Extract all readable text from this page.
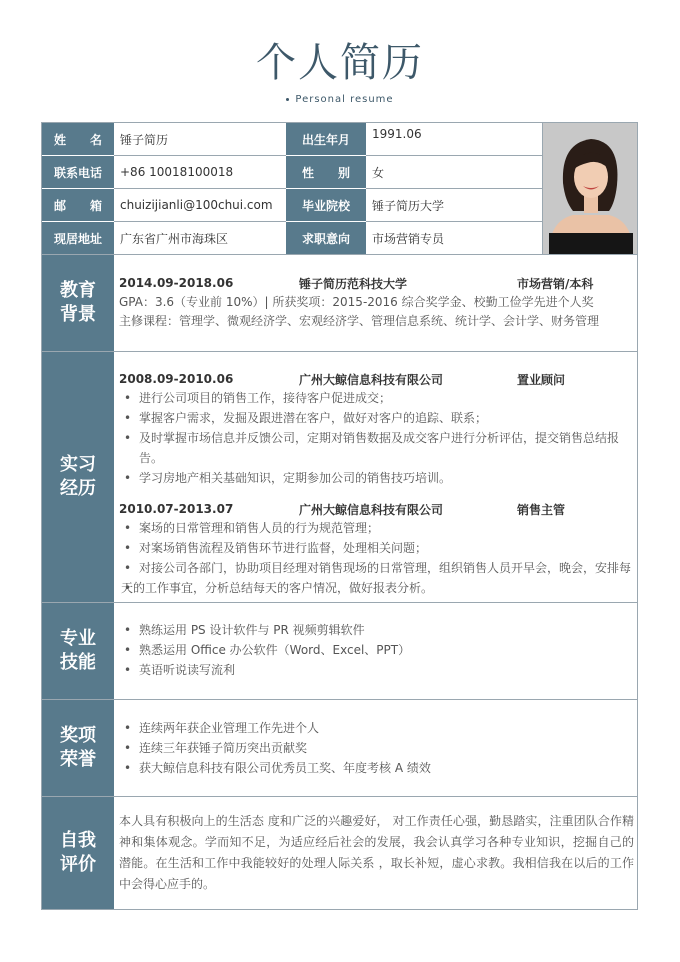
个人简历
Personal resume
姓　　名	锤子简历	出生年月	1991.06
联系电话	+86 10018100018	性　　别	女
邮　　箱	chuizijianli@100chui.com	毕业院校	锤子简历大学
现居地址	广东省广州市海珠区	求职意向	市场营销专员
教育
背景
2014.09-2018.06	锤子简历范科技大学	市场营销/本科
GPA：3.6（专业前 10%）| 所获奖项：2015-2016 综合奖学金、校勤工俭学先进个人奖
主修课程：管理学、微观经济学、宏观经济学、管理信息系统、统计学、会计学、财务管理
实习
经历
2008.09-2010.06	广州大鲸信息科技有限公司	置业顾问
• 进行公司项目的销售工作，接待客户促进成交；
• 掌握客户需求，发掘及跟进潜在客户，做好对客户的追踪、联系；
• 及时掌握市场信息并反馈公司，定期对销售数据及成交客户进行分析评估，提交销售总结报告。
• 学习房地产相关基础知识，定期参加公司的销售技巧培训。
2010.07-2013.07	广州大鲸信息科技有限公司	销售主管
• 案场的日常管理和销售人员的行为规范管理；
• 对案场销售流程及销售环节进行监督，处理相关问题；
• 对接公司各部门，协助项目经理对销售现场的日常管理，组织销售人员开早会，晚会，安排每
• 天的工作事宜，分析总结每天的客户情况，做好报表分析。
专业
技能
• 熟练运用 PS 设计软件与 PR 视频剪辑软件
• 熟悉运用 Office 办公软件（Word、Excel、PPT）
• 英语听说读写流利
奖项
荣誉
• 连续两年获企业管理工作先进个人
• 连续三年获锤子简历突出贡献奖
• 获大鲸信息科技有限公司优秀员工奖、年度考核 A 绩效
自我
评价
本人具有积极向上的生活态 度和广泛的兴趣爱好， 对工作责任心强，勤恳踏实，注重团队合作精神和集体观念。学而知不足，为适应经后社会的发展，我会认真学习各种专业知识，挖掘自己的潜能。在生活和工作中我能较好的处理人际关系 ，取长补短，虚心求教。我相信我在以后的工作中会得心应手的。
